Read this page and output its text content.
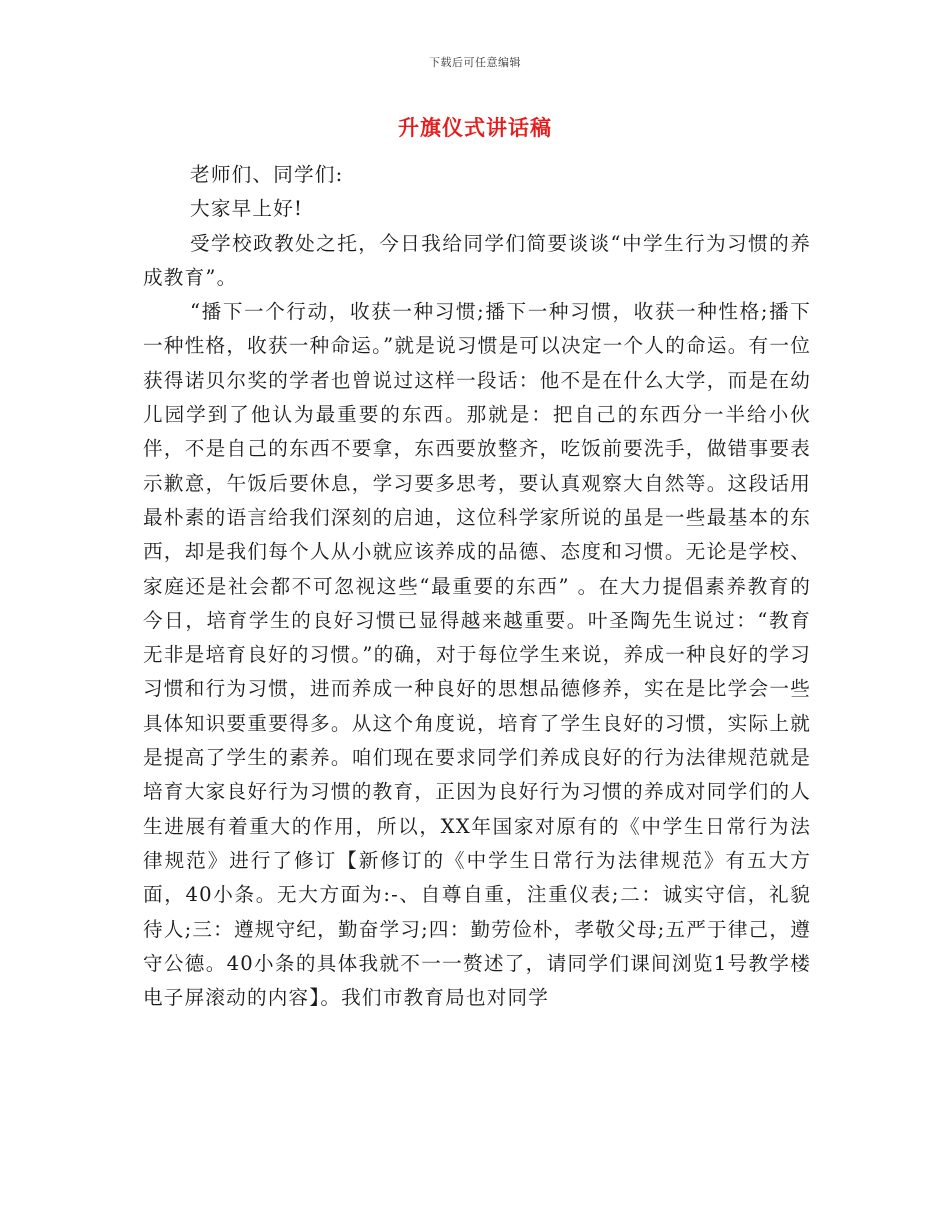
下载后可任意编辑
升旗仪式讲话稿

老师们、同学们:

大家早上好!

受学校政教处之托，今日我给同学们简要谈谈“中学生行为习惯的养成教育”。

“播下一个行动，收获一种习惯;播下一种习惯，收获一种性格;播下一种性格，收获一种命运。”就是说习惯是可以决定一个人的命运。有一位获得诺贝尔奖的学者也曾说过这样一段话：他不是在什么大学，而是在幼儿园学到了他认为最重要的东西。那就是：把自己的东西分一半给小伙伴，不是自己的东西不要拿，东西要放整齐，吃饭前要洗手，做错事要表示歉意，午饭后要休息，学习要多思考，要认真观察大自然等。这段话用最朴素的语言给我们深刻的启迪，这位科学家所说的虽是一些最基本的东西，却是我们每个人从小就应该养成的品德、态度和习惯。无论是学校、家庭还是社会都不可忽视这些“最重要的东西” 。在大力提倡素养教育的今日，培育学生的良好习惯已显得越来越重要。叶圣陶先生说过：“教育无非是培育良好的习惯。”的确，对于每位学生来说，养成一种良好的学习习惯和行为习惯，进而养成一种良好的思想品德修养，实在是比学会一些具体知识要重要得多。从这个角度说，培育了学生良好的习惯，实际上就是提高了学生的素养。咱们现在要求同学们养成良好的行为法律规范就是培育大家良好行为习惯的教育，正因为良好行为习惯的养成对同学们的人生进展有着重大的作用，所以，XX年国家对原有的《中学生日常行为法律规范》进行了修订【新修订的《中学生日常行为法律规范》有五大方面，40小条。无大方面为:-、自尊自重，注重仪表;二：诚实守信，礼貌待人;三：遵规守纪，勤奋学习;四：勤劳俭朴，孝敬父母;五严于律己，遵守公德。40小条的具体我就不一一赘述了，请同学们课间浏览1号教学楼电子屏滚动的内容】。我们市教育局也对同学
